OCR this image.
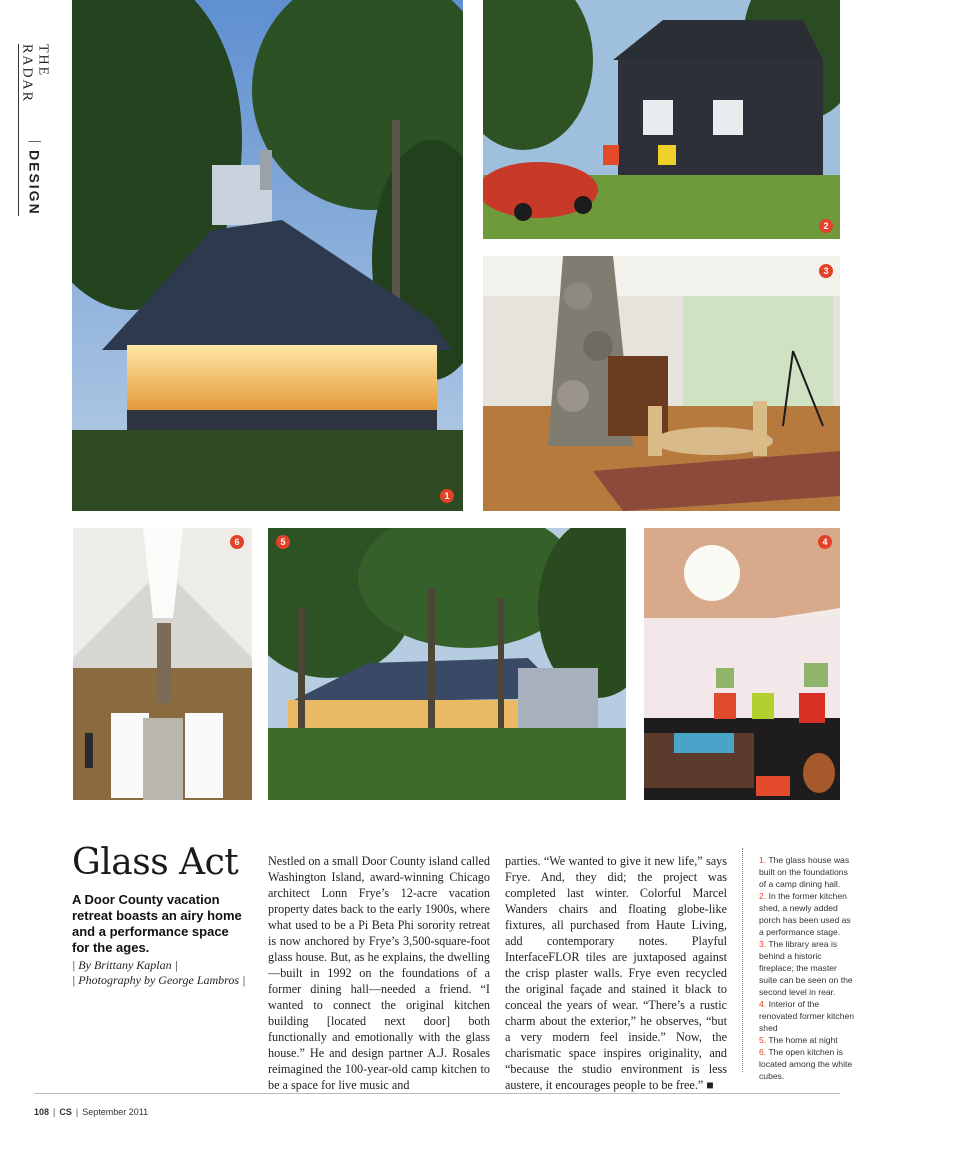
THE RADAR
|
DESIGN
1
2
3
6	5	4
Glass Act

A Door County vacation retreat boasts an airy home and a performance space for the ages.

| By Brittany Kaplan |

| Photography by George Lambros |

Nestled on a small Door County island called Washington Island, award-winning Chicago architect Lonn Frye’s 12-acre vacation property dates back to the early 1900s, where what used to be a Pi Beta Phi sorority retreat is now anchored by Frye’s 3,500-square-foot glass house. But, as he explains, the dwelling—built in 1992 on the foundations of a former dining hall—needed a friend. “I wanted to connect the original kitchen building [located next door] both functionally and emotionally with the glass house.” He and design partner A.J. Rosales reimagined the 100-year-old camp kitchen to be a space for live music and

parties. “We wanted to give it new life,” says Frye. And, they did; the project was completed last winter. Colorful Marcel Wanders chairs and floating globe-like fixtures, all purchased from Haute Living, add contemporary notes. Playful InterfaceFLOR tiles are juxtaposed against the crisp plaster walls. Frye even recycled the original façade and stained it black to conceal the years of wear. “There’s a rustic charm about the exterior,” he observes, “but a very modern feel inside.” Now, the charismatic space inspires originality, and “because the studio environment is less austere, it encourages people to be free.” ■

1. The glass house was built on the foundations of a camp dining hall.
2. In the former kitchen shed, a newly added porch has been used as a performance stage.
3. The library area is behind a historic fireplace; the master suite can be seen on the second level in rear.
4. Interior of the renovated former kitchen shed
5. The home at night
6. The open kitchen is located among the white cubes.
108 | CS | September 2011
